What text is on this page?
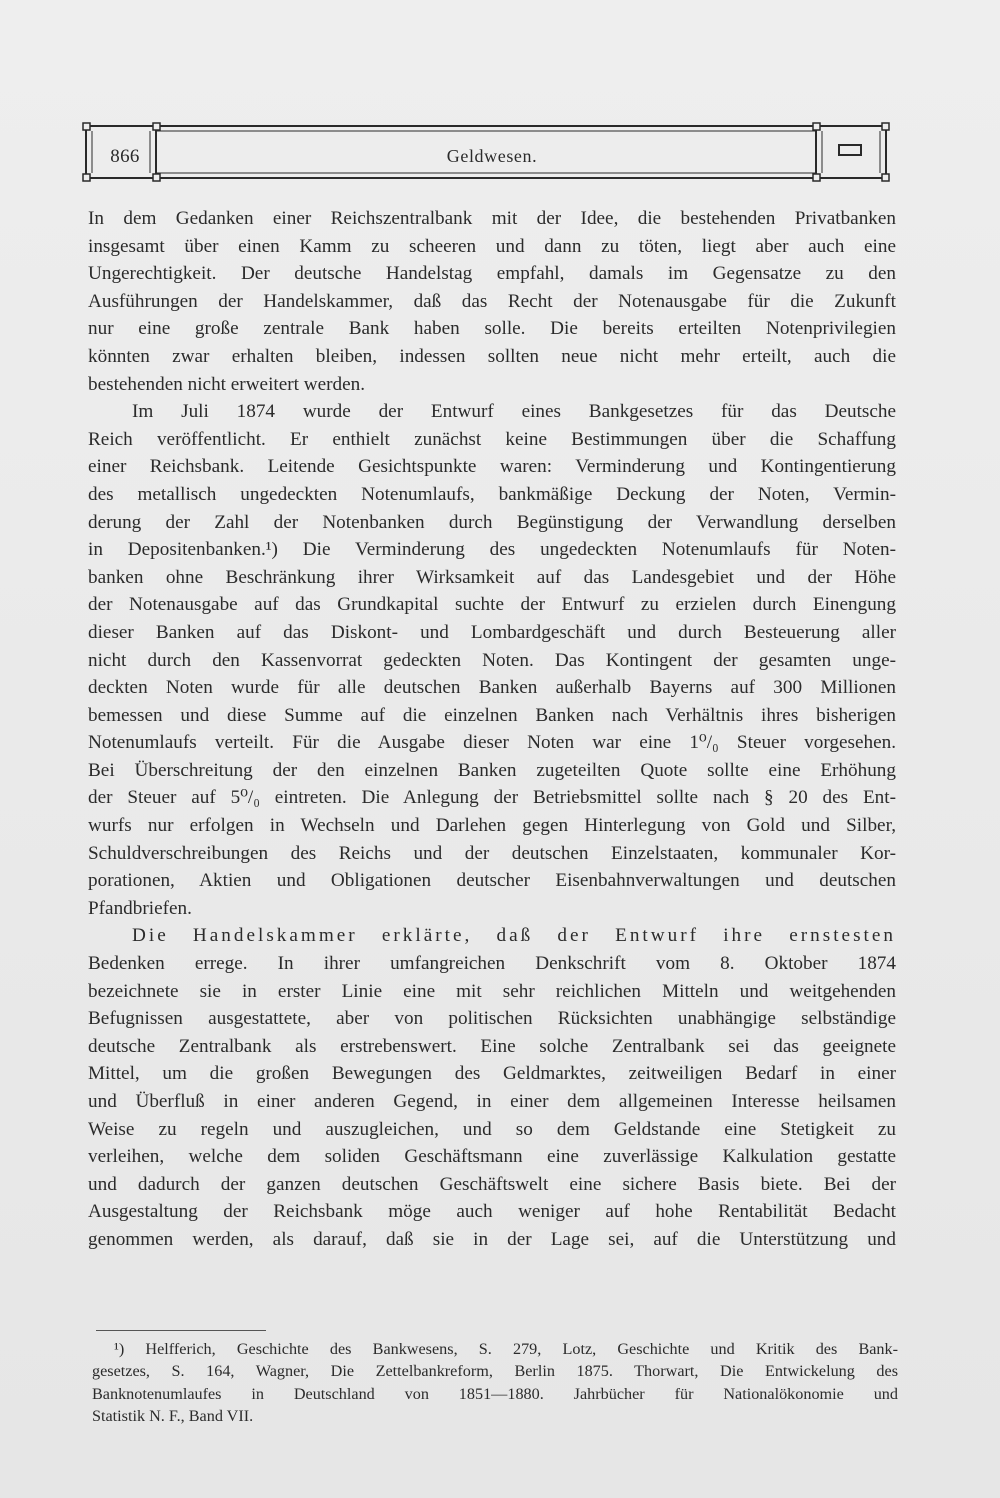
866	Geldwesen.
In dem Gedanken einer Reichszentralbank mit der Idee, die bestehenden Privatbanken
insgesamt über einen Kamm zu scheeren und dann zu töten, liegt aber auch eine
Ungerechtigkeit. Der deutsche Handelstag empfahl, damals im Gegensatze zu den
Ausführungen der Handelskammer, daß das Recht der Notenausgabe für die Zukunft
nur eine große zentrale Bank haben solle. Die bereits erteilten Notenprivilegien
könnten zwar erhalten bleiben, indessen sollten neue nicht mehr erteilt, auch die
bestehenden nicht erweitert werden.
Im Juli 1874 wurde der Entwurf eines Bankgesetzes für das Deutsche
Reich veröffentlicht. Er enthielt zunächst keine Bestimmungen über die Schaffung
einer Reichsbank. Leitende Gesichtspunkte waren: Verminderung und Kontingentierung
des metallisch ungedeckten Notenumlaufs, bankmäßige Deckung der Noten, Vermin-
derung der Zahl der Notenbanken durch Begünstigung der Verwandlung derselben
in Depositenbanken.¹) Die Verminderung des ungedeckten Notenumlaufs für Noten-
banken ohne Beschränkung ihrer Wirksamkeit auf das Landesgebiet und der Höhe
der Notenausgabe auf das Grundkapital suchte der Entwurf zu erzielen durch Einengung
dieser Banken auf das Diskont- und Lombardgeschäft und durch Besteuerung aller
nicht durch den Kassenvorrat gedeckten Noten. Das Kontingent der gesamten unge-
deckten Noten wurde für alle deutschen Banken außerhalb Bayerns auf 300 Millionen
bemessen und diese Summe auf die einzelnen Banken nach Verhältnis ihres bisherigen
Notenumlaufs verteilt. Für die Ausgabe dieser Noten war eine 1⁰/₀ Steuer vorgesehen.
Bei Überschreitung der den einzelnen Banken zugeteilten Quote sollte eine Erhöhung
der Steuer auf 5⁰/₀ eintreten. Die Anlegung der Betriebsmittel sollte nach § 20 des Ent-
wurfs nur erfolgen in Wechseln und Darlehen gegen Hinterlegung von Gold und Silber,
Schuldverschreibungen des Reichs und der deutschen Einzelstaaten, kommunaler Kor-
porationen, Aktien und Obligationen deutscher Eisenbahnverwaltungen und deutschen
Pfandbriefen.
Die Handelskammer erklärte, daß der Entwurf ihre ernstesten
Bedenken errege. In ihrer umfangreichen Denkschrift vom 8. Oktober 1874
bezeichnete sie in erster Linie eine mit sehr reichlichen Mitteln und weitgehenden
Befugnissen ausgestattete, aber von politischen Rücksichten unabhängige selbständige
deutsche Zentralbank als erstrebenswert. Eine solche Zentralbank sei das geeignete
Mittel, um die großen Bewegungen des Geldmarktes, zeitweiligen Bedarf in einer
und Überfluß in einer anderen Gegend, in einer dem allgemeinen Interesse heilsamen
Weise zu regeln und auszugleichen, und so dem Geldstande eine Stetigkeit zu
verleihen, welche dem soliden Geschäftsmann eine zuverlässige Kalkulation gestatte
und dadurch der ganzen deutschen Geschäftswelt eine sichere Basis biete. Bei der
Ausgestaltung der Reichsbank möge auch weniger auf hohe Rentabilität Bedacht
genommen werden, als darauf, daß sie in der Lage sei, auf die Unterstützung und
¹) Helfferich, Geschichte des Bankwesens, S. 279, Lotz, Geschichte und Kritik des Bank-
gesetzes, S. 164, Wagner, Die Zettelbankreform, Berlin 1875. Thorwart, Die Entwickelung des
Banknotenumlaufes in Deutschland von 1851—1880. Jahrbücher für Nationalökonomie und
Statistik N. F., Band VII.
